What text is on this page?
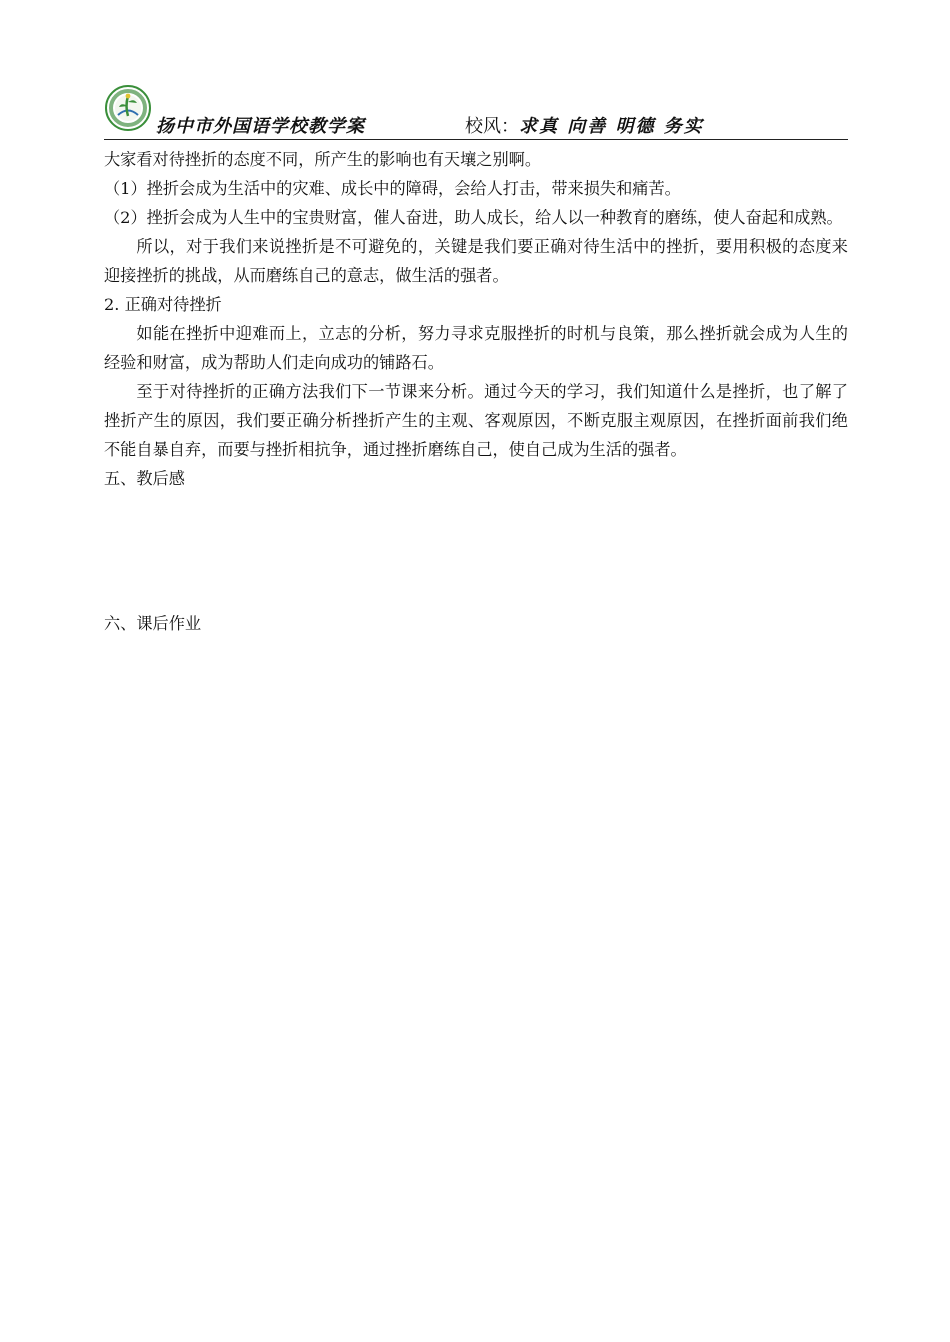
扬中市外国语学校教学案	校风：求真 向善 明德 务实

大家看对待挫折的态度不同，所产生的影响也有天壤之别啊。

（1）挫折会成为生活中的灾难、成长中的障碍，会给人打击，带来损失和痛苦。

（2）挫折会成为人生中的宝贵财富，催人奋进，助人成长，给人以一种教育的磨练，使人奋起和成熟。

所以，对于我们来说挫折是不可避免的，关键是我们要正确对待生活中的挫折，要用积极的态度来迎接挫折的挑战，从而磨练自己的意志，做生活的强者。

2. 正确对待挫折

如能在挫折中迎难而上，立志的分析，努力寻求克服挫折的时机与良策，那么挫折就会成为人生的经验和财富，成为帮助人们走向成功的铺路石。

至于对待挫折的正确方法我们下一节课来分析。通过今天的学习，我们知道什么是挫折，也了解了挫折产生的原因，我们要正确分析挫折产生的主观、客观原因，不断克服主观原因，在挫折面前我们绝不能自暴自弃，而要与挫折相抗争，通过挫折磨练自己，使自己成为生活的强者。

五、教后感

六、课后作业
